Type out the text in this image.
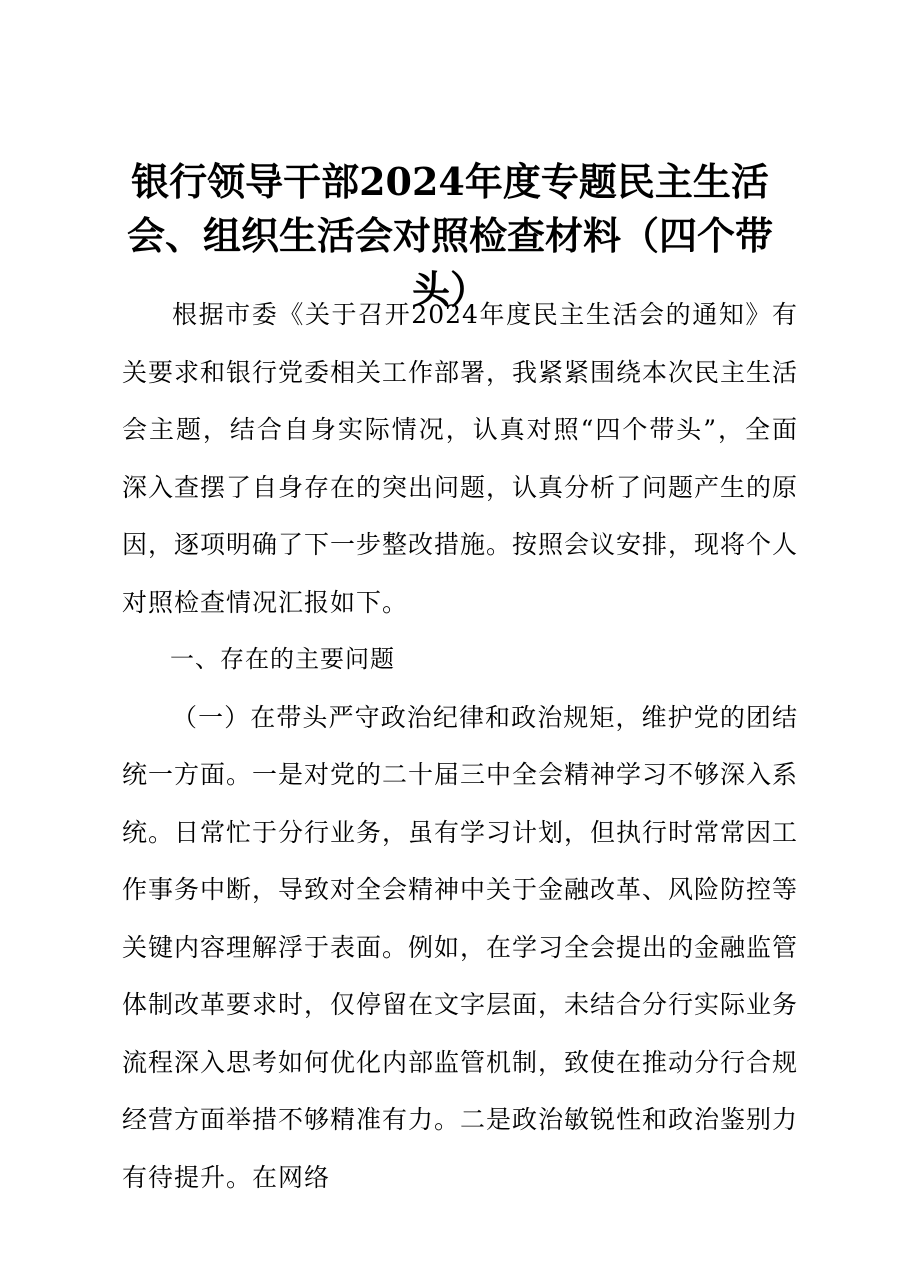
银行领导干部2024年度专题民主生活会、组织生活会对照检查材料（四个带头）

根据市委《关于召开2024年度民主生活会的通知》有关要求和银行党委相关工作部署，我紧紧围绕本次民主生活会主题，结合自身实际情况，认真对照“四个带头”，全面深入查摆了自身存在的突出问题，认真分析了问题产生的原因，逐项明确了下一步整改措施。按照会议安排，现将个人对照检查情况汇报如下。

一、存在的主要问题

（一）在带头严守政治纪律和政治规矩，维护党的团结统一方面。一是对党的二十届三中全会精神学习不够深入系统。日常忙于分行业务，虽有学习计划，但执行时常常因工作事务中断，导致对全会精神中关于金融改革、风险防控等关键内容理解浮于表面。例如，在学习全会提出的金融监管体制改革要求时，仅停留在文字层面，未结合分行实际业务流程深入思考如何优化内部监管机制，致使在推动分行合规经营方面举措不够精准有力。二是政治敏锐性和政治鉴别力有待提升。在网络
